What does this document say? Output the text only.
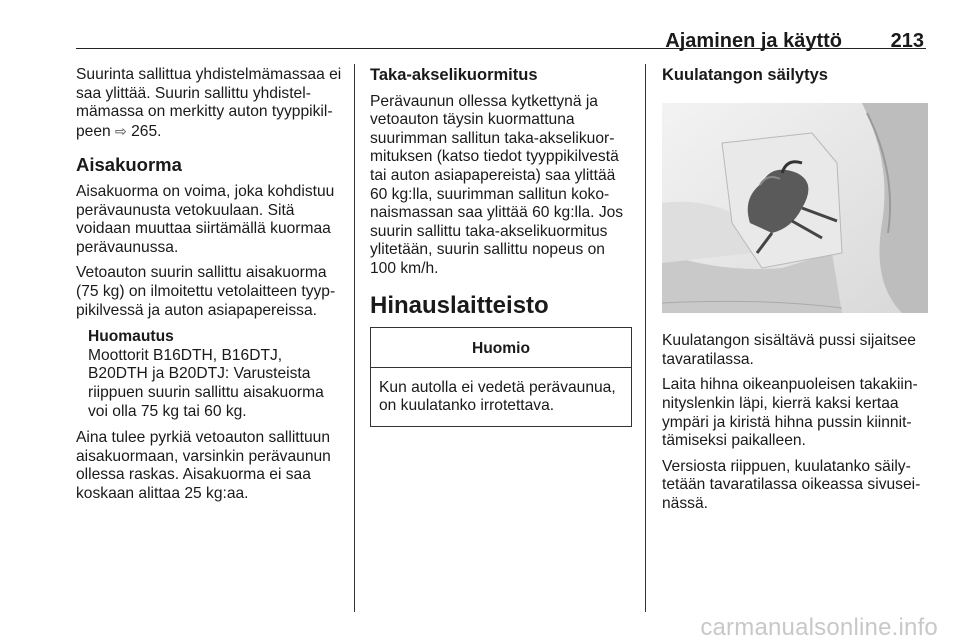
Ajaminen ja käyttö 213

Suurinta sallittua yhdistelmämassaa ei saa ylittää. Suurin sallittu yhdistel-mämassa on merkitty auton tyyppikil-peen ⇨ 265.

Aisakuorma

Aisakuorma on voima, joka kohdistuu perävaunusta vetokuulaan. Sitä voidaan muuttaa siirtämällä kuormaa perävaunussa.

Vetoauton suurin sallittu aisakuorma (75 kg) on ilmoitettu vetolaitteen tyyp-pikilvessä ja auton asiapapereissa.

Huomautus
Moottorit B16DTH, B16DTJ, B20DTH ja B20DTJ: Varusteista riippuen suurin sallittu aisakuorma voi olla 75 kg tai 60 kg.

Aina tulee pyrkiä vetoauton sallittuun aisakuormaan, varsinkin perävaunun ollessa raskas. Aisakuorma ei saa koskaan alittaa 25 kg:aa.

Taka-akselikuormitus

Perävaunun ollessa kytkettynä ja vetoauton täysin kuormattuna suurimman sallitun taka-akselikuor-mituksen (katso tiedot tyyppikilvestä tai auton asiapapereista) saa ylittää 60 kg:lla, suurimman sallitun koko-naismassan saa ylittää 60 kg:lla. Jos suurin sallittu taka-akselikuormitus ylitetään, suurin sallittu nopeus on 100 km/h.

Hinauslaitteisto
Huomio
Kun autolla ei vedetä perävaunua, on kuulatanko irrotettava.
Kuulatangon säilytys

Kuulatangon sisältävä pussi sijaitsee tavaratilassa.

Laita hihna oikeanpuoleisen takakiin-nityslenkin läpi, kierrä kaksi kertaa ympäri ja kiristä hihna pussin kiinnit-tämiseksi paikalleen.

Versiosta riippuen, kuulatanko säily-tetään tavaratilassa oikeassa sivusei-nässä.

carmanualsonline.info
